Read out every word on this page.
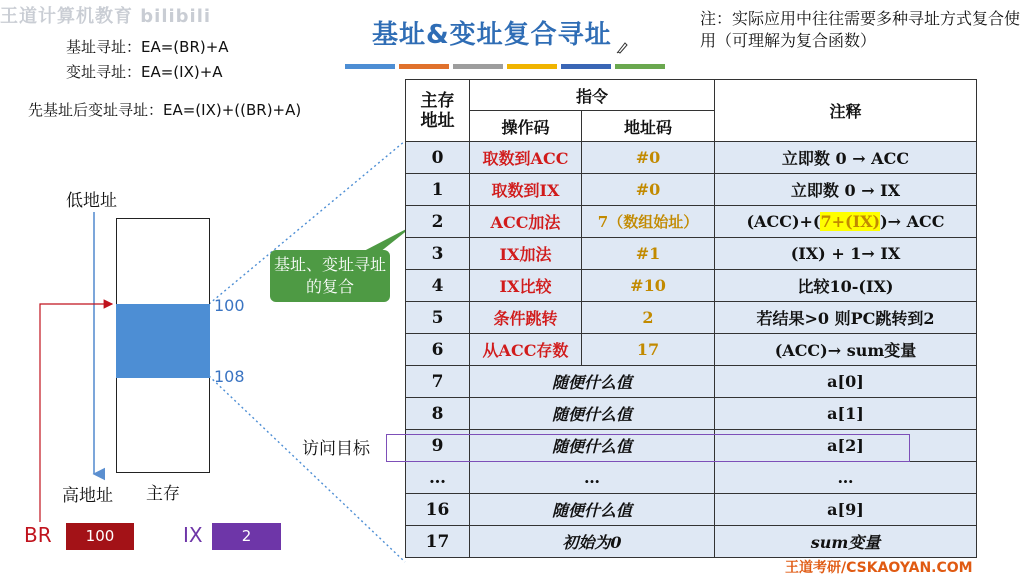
王道计算机教育 bilibili
基址寻址：EA=(BR)+A
变址寻址：EA=(IX)+A
先基址后变址寻址：EA=(IX)+((BR)+A)
基址&变址复合寻址
注：实际应用中往往需要多种寻址方式复合使用（可理解为复合函数）
低地址
100
108
高地址 主存
BR	100	IX	2
基址、变址寻址的复合
主存地址	指令		注释
	操作码	地址码	
0	取数到ACC	#0	立即数 0 → ACC
1	取数到IX	#0	立即数 0 → IX
2	ACC加法	7（数组始址）	(ACC)+(7+(IX))→ ACC
3	IX加法	#1	(IX) + 1→ IX
4	IX比较	#10	比较10-(IX)
5	条件跳转	2	若结果>0 则PC跳转到2
6	从ACC存数	17	(ACC)→ sum变量
7	随便什么值		a[0]
8	随便什么值		a[1]
9	随便什么值		a[2]
…	…		…
16	随便什么值		a[9]
17	初始为0		sum变量
访问目标
王道考研/CSKAOYAN.COM
